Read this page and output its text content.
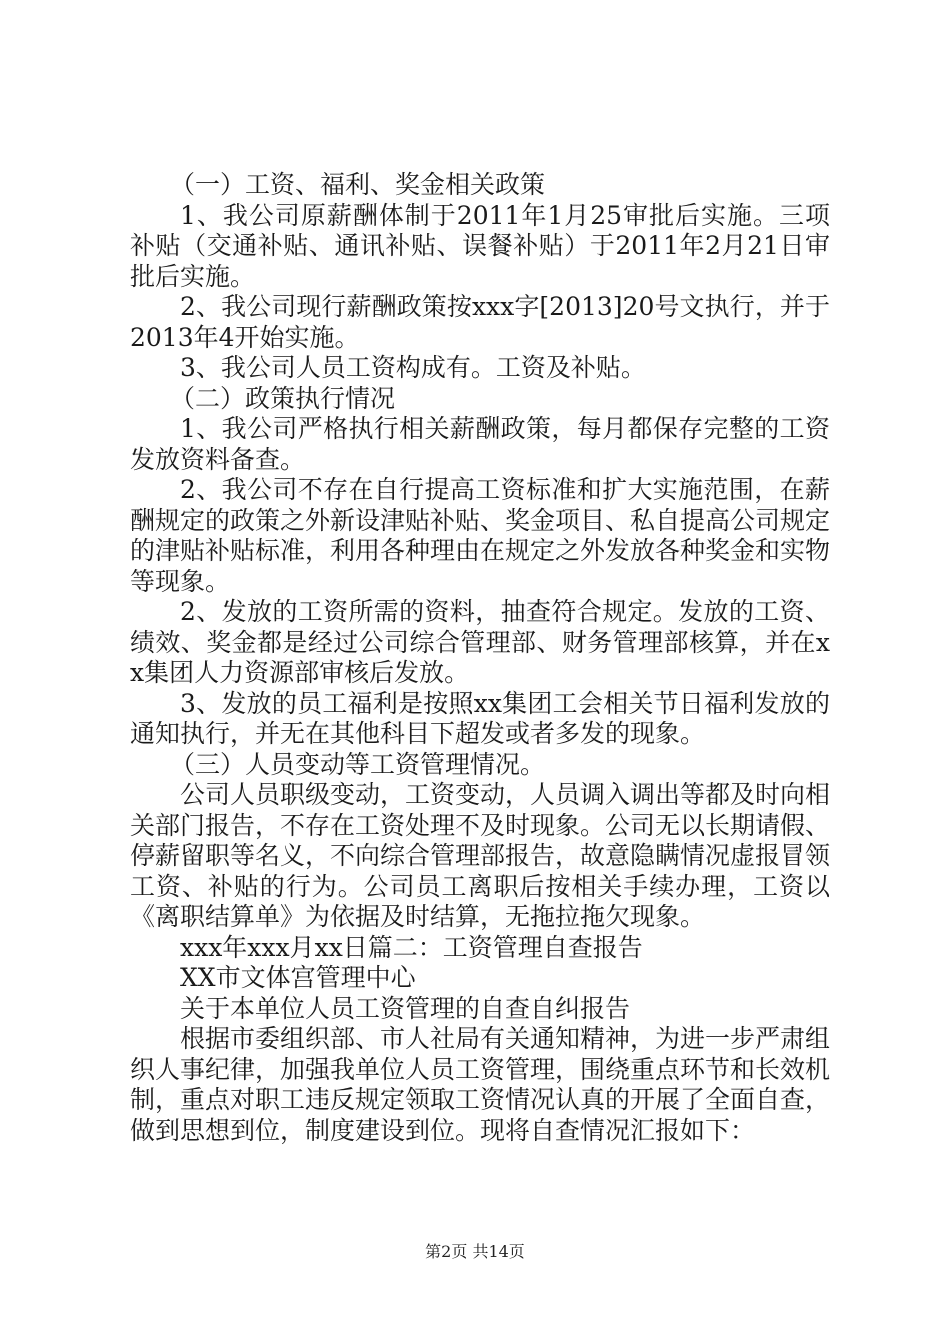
（一）工资、福利、奖金相关政策

1、我公司原薪酬体制于2011年1月25审批后实施。三项补贴（交通补贴、通讯补贴、误餐补贴）于2011年2月21日审批后实施。

2、我公司现行薪酬政策按xxx字[2013]20号文执行，并于2013年4开始实施。

3、我公司人员工资构成有。工资及补贴。

（二）政策执行情况

1、我公司严格执行相关薪酬政策，每月都保存完整的工资发放资料备查。

2、我公司不存在自行提高工资标准和扩大实施范围，在薪酬规定的政策之外新设津贴补贴、奖金项目、私自提高公司规定的津贴补贴标准，利用各种理由在规定之外发放各种奖金和实物等现象。

2、发放的工资所需的资料，抽查符合规定。发放的工资、绩效、奖金都是经过公司综合管理部、财务管理部核算，并在xx集团人力资源部审核后发放。

3、发放的员工福利是按照xx集团工会相关节日福利发放的通知执行，并无在其他科目下超发或者多发的现象。

（三）人员变动等工资管理情况。

公司人员职级变动，工资变动，人员调入调出等都及时向相关部门报告，不存在工资处理不及时现象。公司无以长期请假、停薪留职等名义，不向综合管理部报告，故意隐瞒情况虚报冒领工资、补贴的行为。公司员工离职后按相关手续办理，工资以《离职结算单》为依据及时结算，无拖拉拖欠现象。

xxx年xxx月xx日篇二：工资管理自查报告

XX市文体宫管理中心

关于本单位人员工资管理的自查自纠报告

根据市委组织部、市人社局有关通知精神，为进一步严肃组织人事纪律，加强我单位人员工资管理，围绕重点环节和长效机制，重点对职工违反规定领取工资情况认真的开展了全面自查，做到思想到位，制度建设到位。现将自查情况汇报如下：

第2页 共14页
